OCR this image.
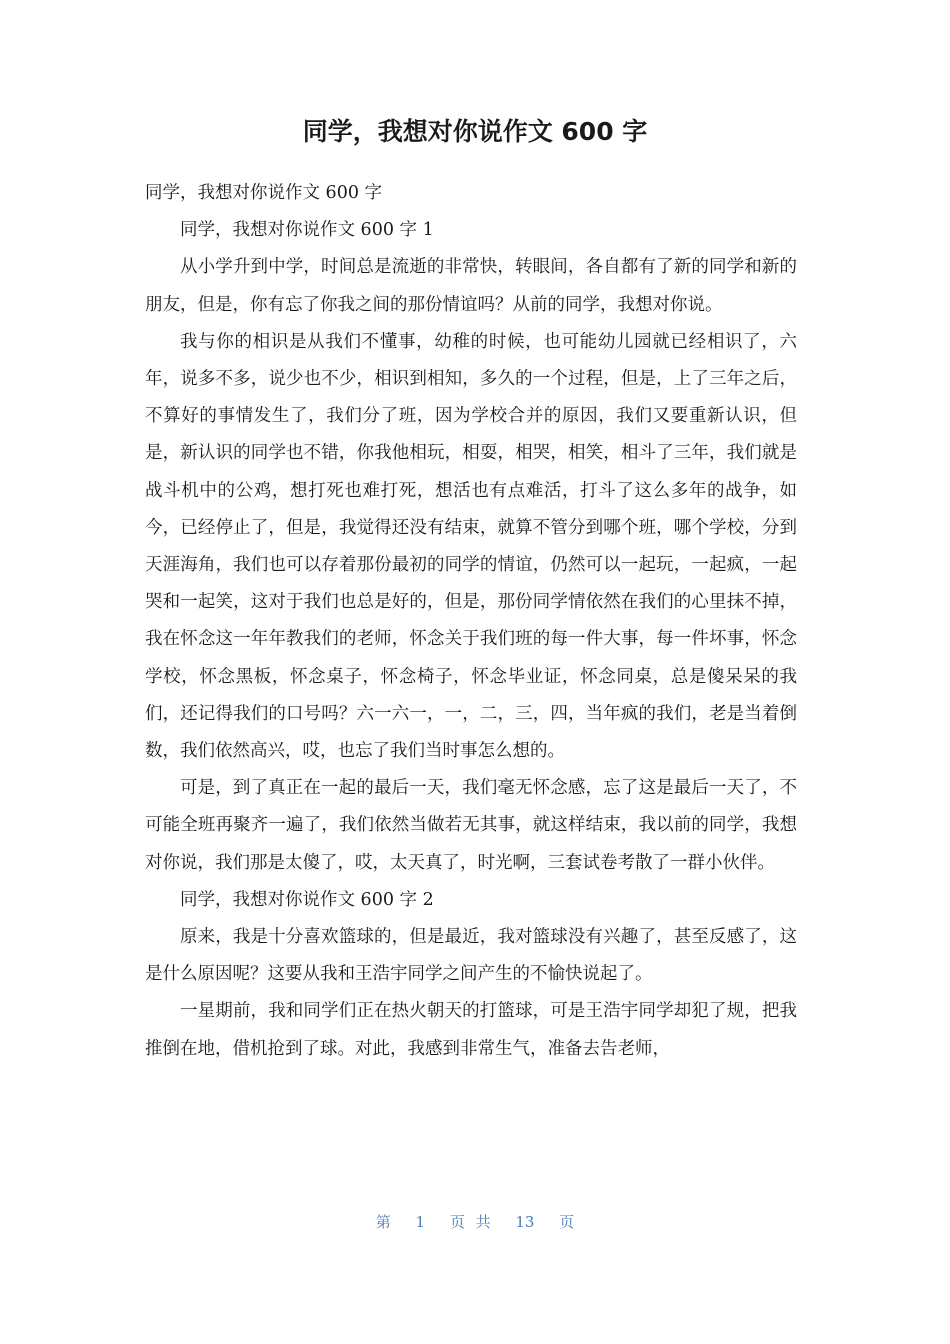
同学，我想对你说作文 600 字

同学，我想对你说作文 600 字

同学，我想对你说作文 600 字 1

从小学升到中学，时间总是流逝的非常快，转眼间，各自都有了新的同学和新的朋友，但是，你有忘了你我之间的那份情谊吗？从前的同学，我想对你说。

我与你的相识是从我们不懂事，幼稚的时候，也可能幼儿园就已经相识了，六年，说多不多，说少也不少，相识到相知，多久的一个过程，但是，上了三年之后，不算好的事情发生了，我们分了班，因为学校合并的原因，我们又要重新认识，但是，新认识的同学也不错，你我他相玩，相耍，相哭，相笑，相斗了三年，我们就是战斗机中的公鸡，想打死也难打死，想活也有点难活，打斗了这么多年的战争，如今，已经停止了，但是，我觉得还没有结束，就算不管分到哪个班，哪个学校，分到天涯海角，我们也可以存着那份最初的同学的情谊，仍然可以一起玩，一起疯，一起哭和一起笑，这对于我们也总是好的，但是，那份同学情依然在我们的心里抹不掉，我在怀念这一年年教我们的老师，怀念关于我们班的每一件大事，每一件坏事，怀念学校，怀念黑板，怀念桌子，怀念椅子，怀念毕业证，怀念同桌，总是傻呆呆的我们，还记得我们的口号吗？六一六一，一，二，三，四，当年疯的我们，老是当着倒数，我们依然高兴，哎，也忘了我们当时事怎么想的。

可是，到了真正在一起的最后一天，我们毫无怀念感，忘了这是最后一天了，不可能全班再聚齐一遍了，我们依然当做若无其事，就这样结束，我以前的同学，我想对你说，我们那是太傻了，哎，太天真了，时光啊，三套试卷考散了一群小伙伴。

同学，我想对你说作文 600 字 2

原来，我是十分喜欢篮球的，但是最近，我对篮球没有兴趣了，甚至反感了，这是什么原因呢？这要从我和王浩宇同学之间产生的不愉快说起了。

一星期前，我和同学们正在热火朝天的打篮球，可是王浩宇同学却犯了规，把我推倒在地，借机抢到了球。对此，我感到非常生气，准备去告老师，

第 1 页 共 13 页
